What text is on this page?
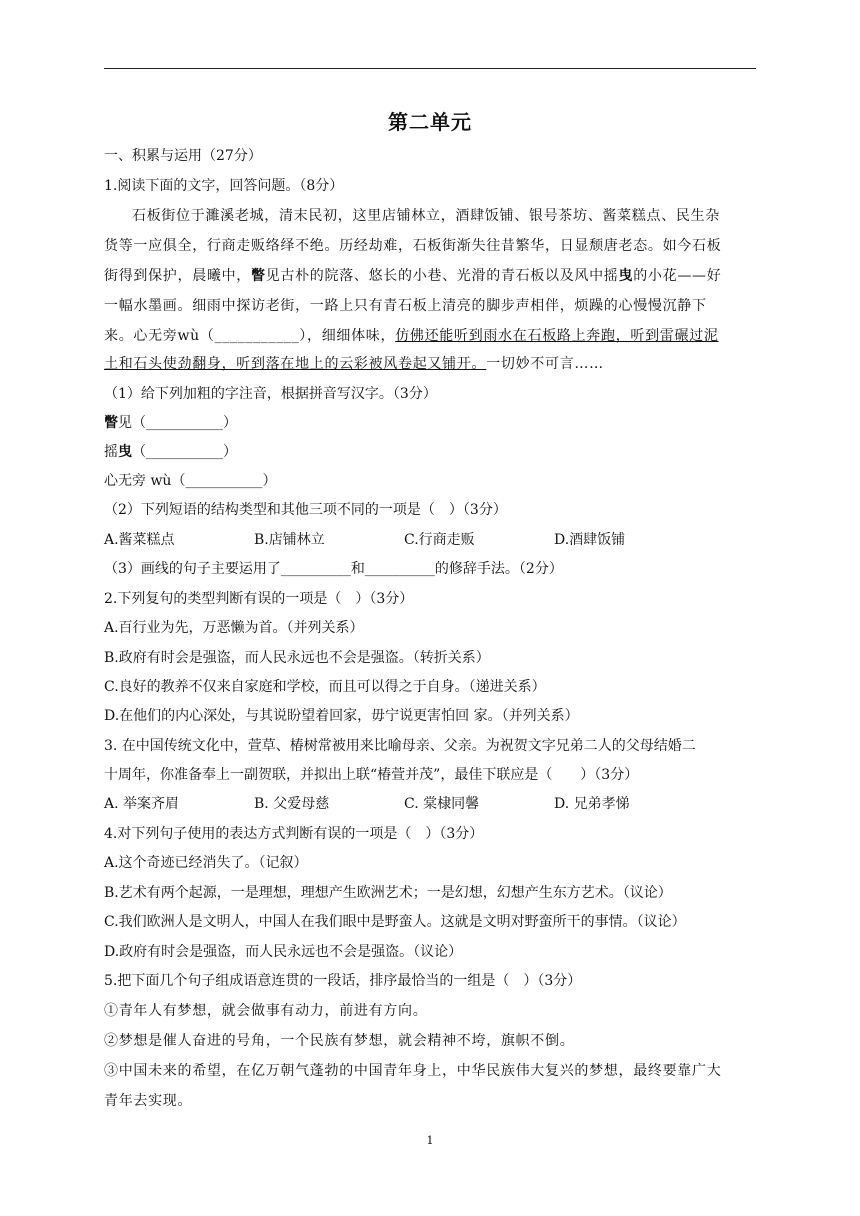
第二单元
一、积累与运用（27分）
1.阅读下面的文字，回答问题。（8分）
石板街位于濉溪老城，清末民初，这里店铺林立，酒肆饭铺、银号茶坊、酱菜糕点、民生杂
货等一应俱全，行商走贩络绎不绝。历经劫难，石板街渐失往昔繁华，日显颓唐老态。如今石板
街得到保护，晨曦中，瞥见古朴的院落、悠长的小巷、光滑的青石板以及风中摇曳的小花——好
一幅水墨画。细雨中探访老街，一路上只有青石板上清亮的脚步声相伴，烦躁的心慢慢沉静下
来。心无旁wù（___________），细细体味，仿佛还能听到雨水在石板路上奔跑，听到雷碾过泥
土和石头使劲翻身，听到落在地上的云彩被风卷起又铺开。一切妙不可言……
（1）给下列加粗的字注音，根据拼音写汉字。（3分）
瞥见（___________）
摇曳（___________）
心无旁 wù（___________）
（2）下列短语的结构类型和其他三项不同的一项是（　）（3分）
A.酱菜糕点	B.店铺林立	C.行商走贩	D.酒肆饭铺
（3）画线的句子主要运用了__________和__________的修辞手法。（2分）
2.下列复句的类型判断有误的一项是（　）（3分）
A.百行业为先，万恶懒为首。（并列关系）
B.政府有时会是强盗，而人民永远也不会是强盗。（转折关系）
C.良好的教养不仅来自家庭和学校，而且可以得之于自身。（递进关系）
D.在他们的内心深处，与其说盼望着回家，毋宁说更害怕回 家。（并列关系）
3. 在中国传统文化中，萱草、椿树常被用来比喻母亲、父亲。为祝贺文字兄弟二人的父母结婚二
十周年，你准备奉上一副贺联，并拟出上联“椿萱并茂”，最佳下联应是（　　）（3分）
A. 举案齐眉	B. 父爱母慈	C. 棠棣同馨	D. 兄弟孝悌
4.对下列句子使用的表达方式判断有误的一项是（　）（3分）
A.这个奇迹已经消失了。（记叙）
B.艺术有两个起源，一是理想，理想产生欧洲艺术；一是幻想，幻想产生东方艺术。（议论）
C.我们欧洲人是文明人，中国人在我们眼中是野蛮人。这就是文明对野蛮所干的事情。（议论）
D.政府有时会是强盗，而人民永远也不会是强盗。（议论）
5.把下面几个句子组成语意连贯的一段话，排序最恰当的一组是（　）（3分）
①青年人有梦想，就会做事有动力，前进有方向。
②梦想是催人奋进的号角，一个民族有梦想，就会精神不垮，旗帜不倒。
③中国未来的希望，在亿万朝气蓬勃的中国青年身上，中华民族伟大复兴的梦想，最终要靠广大
青年去实现。
1
